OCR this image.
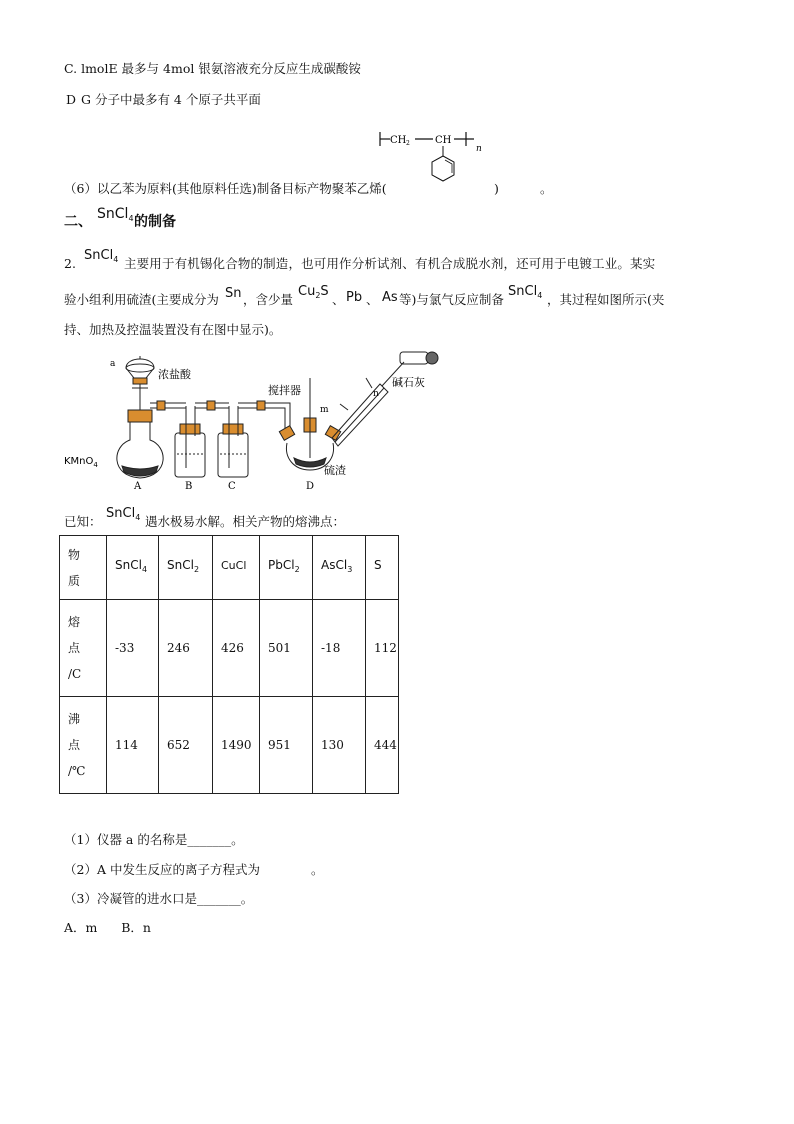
C. lmolE 最多与 4mol 银氨溶液充分反应生成碳酸铵
D G 分子中最多有 4 个原子共平面
CH 2	CH
n
（6）以乙苯为原料(其他原料任选)制备目标产物聚苯乙烯(	)	。
二、 SnCl$_4$ 的制备
2.
SnCl$_4$ 主要用于有机锡化合物的制造，也可用作分析试剂、有机合成脱水剂，还可用于电镀工业。某实
验小组利用硫渣(主要成分为 Sn ，含少量
$Cu_2S$
、 Pb 、 As 等)与氯气反应制备
SnCl$_4$ ，其过程如图所示(夹
持、加热及控温装置没有在图中显示)。
a
浓盐酸
搅拌器
m
n
碱石灰
KMnO$_4$	硫渣
A	B	C	D
已知：
SnCl$_4$ 遇水极易水解。相关产物的熔沸点：
物
质	SnCl$_4$	SnCl$_2$	CuCl	PbCl$_2$	AsCl$_3$	S

熔
点
/C	-33	246	426	501	-18	112

沸
点
/℃	114	652	1490	951	130	444
（1）仪器 a 的名称是_______。
（2）A 中发生反应的离子方程式为	。
（3）冷凝管的进水口是_______。
A．m      B．n
